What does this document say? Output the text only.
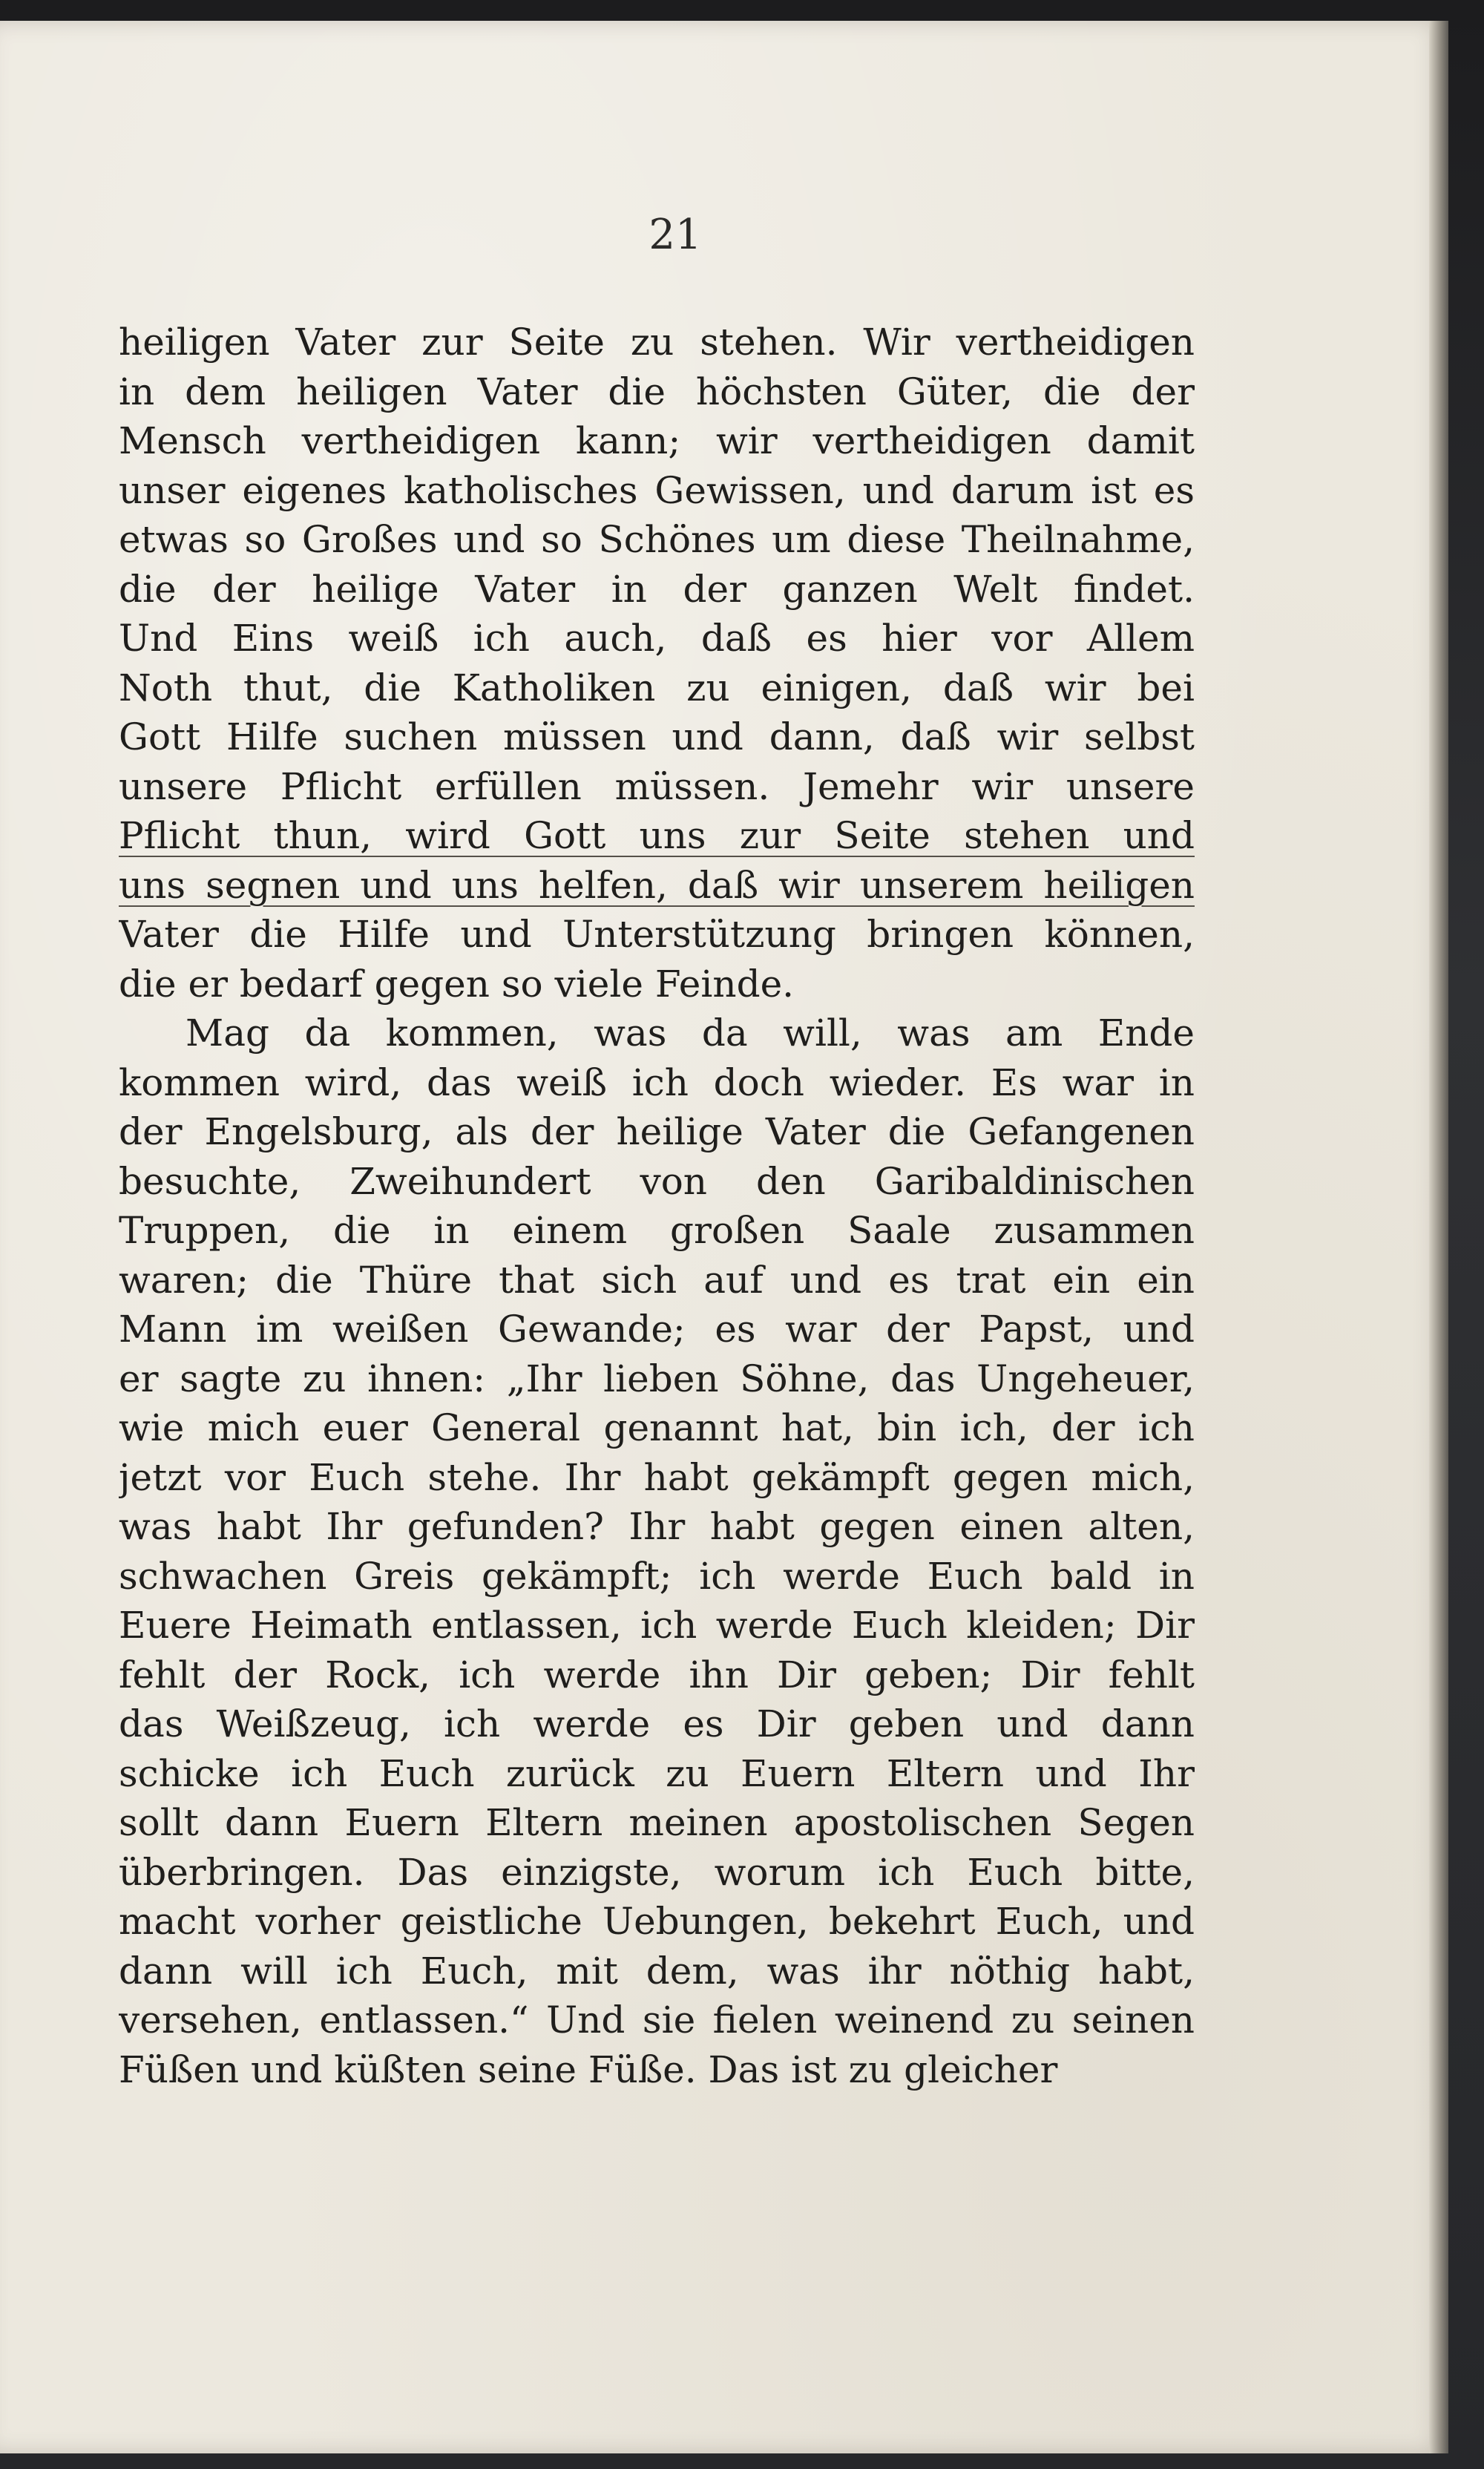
21

heiligen Vater zur Seite zu stehen. Wir vertheidigen
in dem heiligen Vater die höchsten Güter, die der
Mensch vertheidigen kann; wir vertheidigen damit
unser eigenes katholisches Gewissen, und darum ist es
etwas so Großes und so Schönes um diese Theilnahme,
die der heilige Vater in der ganzen Welt findet.
Und Eins weiß ich auch, daß es hier vor Allem
Noth thut, die Katholiken zu einigen, daß wir bei
Gott Hilfe suchen müssen und dann, daß wir selbst
unsere Pflicht erfüllen müssen. Jemehr wir unsere
Pflicht thun, wird Gott uns zur Seite stehen und
uns segnen und uns helfen, daß wir unserem heiligen
Vater die Hilfe und Unterstützung bringen können,
die er bedarf gegen so viele Feinde.

Mag da kommen, was da will, was am Ende
kommen wird, das weiß ich doch wieder. Es war in
der Engelsburg, als der heilige Vater die Gefangenen
besuchte, Zweihundert von den Garibaldinischen
Truppen, die in einem großen Saale zusammen
waren; die Thüre that sich auf und es trat ein ein
Mann im weißen Gewande; es war der Papst, und
er sagte zu ihnen: „Ihr lieben Söhne, das Ungeheuer,
wie mich euer General genannt hat, bin ich, der ich
jetzt vor Euch stehe. Ihr habt gekämpft gegen mich,
was habt Ihr gefunden? Ihr habt gegen einen alten,
schwachen Greis gekämpft; ich werde Euch bald in
Euere Heimath entlassen, ich werde Euch kleiden; Dir
fehlt der Rock, ich werde ihn Dir geben; Dir fehlt
das Weißzeug, ich werde es Dir geben und dann
schicke ich Euch zurück zu Euern Eltern und Ihr
sollt dann Euern Eltern meinen apostolischen Segen
überbringen. Das einzigste, worum ich Euch bitte,
macht vorher geistliche Uebungen, bekehrt Euch, und
dann will ich Euch, mit dem, was ihr nöthig habt,
versehen, entlassen.“ Und sie fielen weinend zu seinen
Füßen und küßten seine Füße. Das ist zu gleicher
